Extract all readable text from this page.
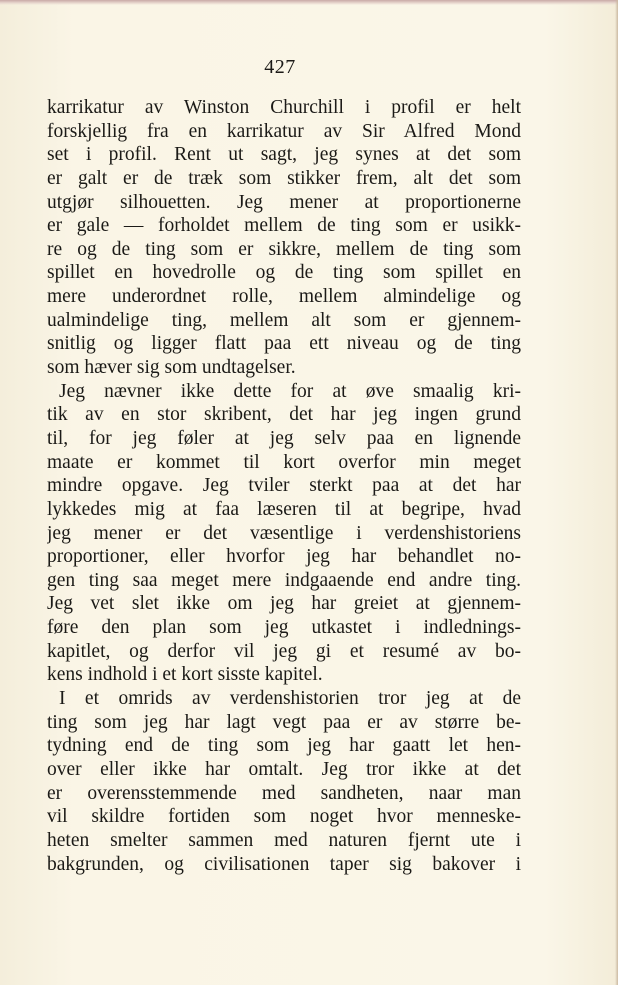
427
karrikatur av Winston Churchill i profil er helt
forskjellig fra en karrikatur av Sir Alfred Mond
set i profil. Rent ut sagt, jeg synes at det som
er galt er de træk som stikker frem, alt det som
utgjør silhouetten. Jeg mener at proportionerne
er gale — forholdet mellem de ting som er usikk-
re og de ting som er sikkre, mellem de ting som
spillet en hovedrolle og de ting som spillet en
mere underordnet rolle, mellem almindelige og
ualmindelige ting, mellem alt som er gjennem-
snitlig og ligger flatt paa ett niveau og de ting
som hæver sig som undtagelser.
Jeg nævner ikke dette for at øve smaalig kri-
tik av en stor skribent, det har jeg ingen grund
til, for jeg føler at jeg selv paa en lignende
maate er kommet til kort overfor min meget
mindre opgave. Jeg tviler sterkt paa at det har
lykkedes mig at faa læseren til at begripe, hvad
jeg mener er det væsentlige i verdenshistoriens
proportioner, eller hvorfor jeg har behandlet no-
gen ting saa meget mere indgaaende end andre ting.
Jeg vet slet ikke om jeg har greiet at gjennem-
føre den plan som jeg utkastet i indlednings-
kapitlet, og derfor vil jeg gi et resumé av bo-
kens indhold i et kort sisste kapitel.
I et omrids av verdenshistorien tror jeg at de
ting som jeg har lagt vegt paa er av større be-
tydning end de ting som jeg har gaatt let hen-
over eller ikke har omtalt. Jeg tror ikke at det
er overensstemmende med sandheten, naar man
vil skildre fortiden som noget hvor menneske-
heten smelter sammen med naturen fjernt ute i
bakgrunden, og civilisationen taper sig bakover i
